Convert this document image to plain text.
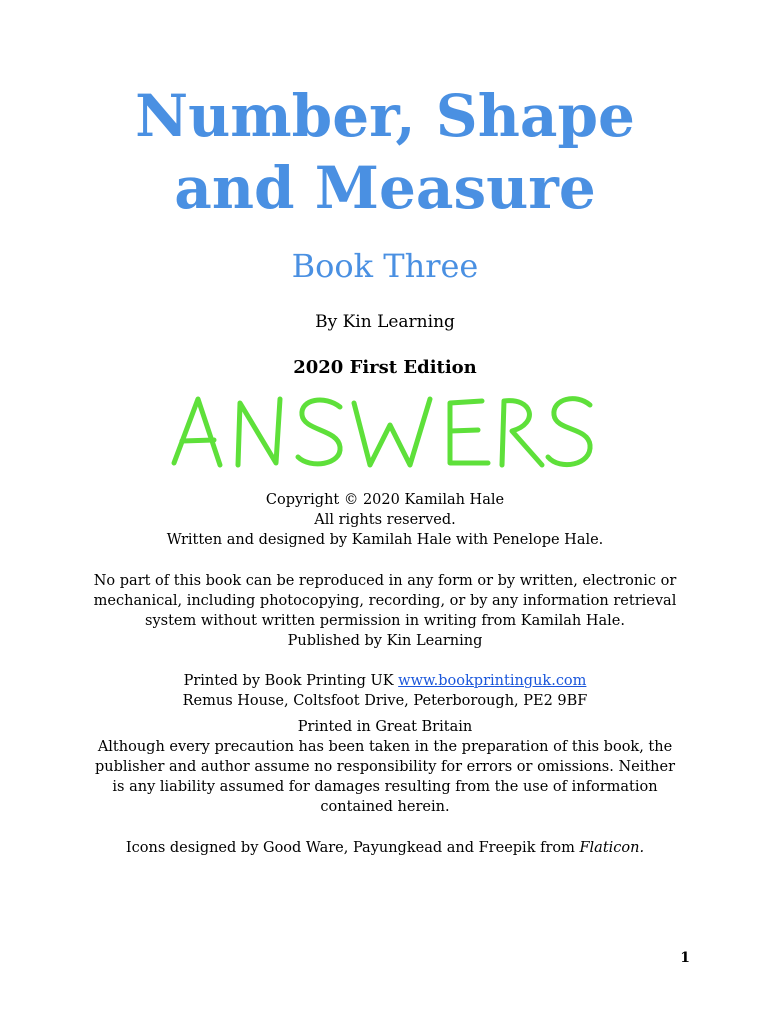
Number, Shape
and Measure
Book Three
By Kin Learning
2020 First Edition

Copyright © 2020 Kamilah Hale

All rights reserved.

Written and designed by Kamilah Hale with Penelope Hale.

No part of this book can be reproduced in any form or by written, electronic or

mechanical, including photocopying, recording, or by any information retrieval

system without written permission in writing from Kamilah Hale.

Published by Kin Learning

Printed by Book Printing UK www.bookprintinguk.com

Remus House, Coltsfoot Drive, Peterborough, PE2 9BF

Printed in Great Britain

Although every precaution has been taken in the preparation of this book, the

publisher and author assume no responsibility for errors or omissions. Neither

is any liability assumed for damages resulting from the use of information

contained herein.

Icons designed by Good Ware, Payungkead and Freepik from Flaticon.

1
